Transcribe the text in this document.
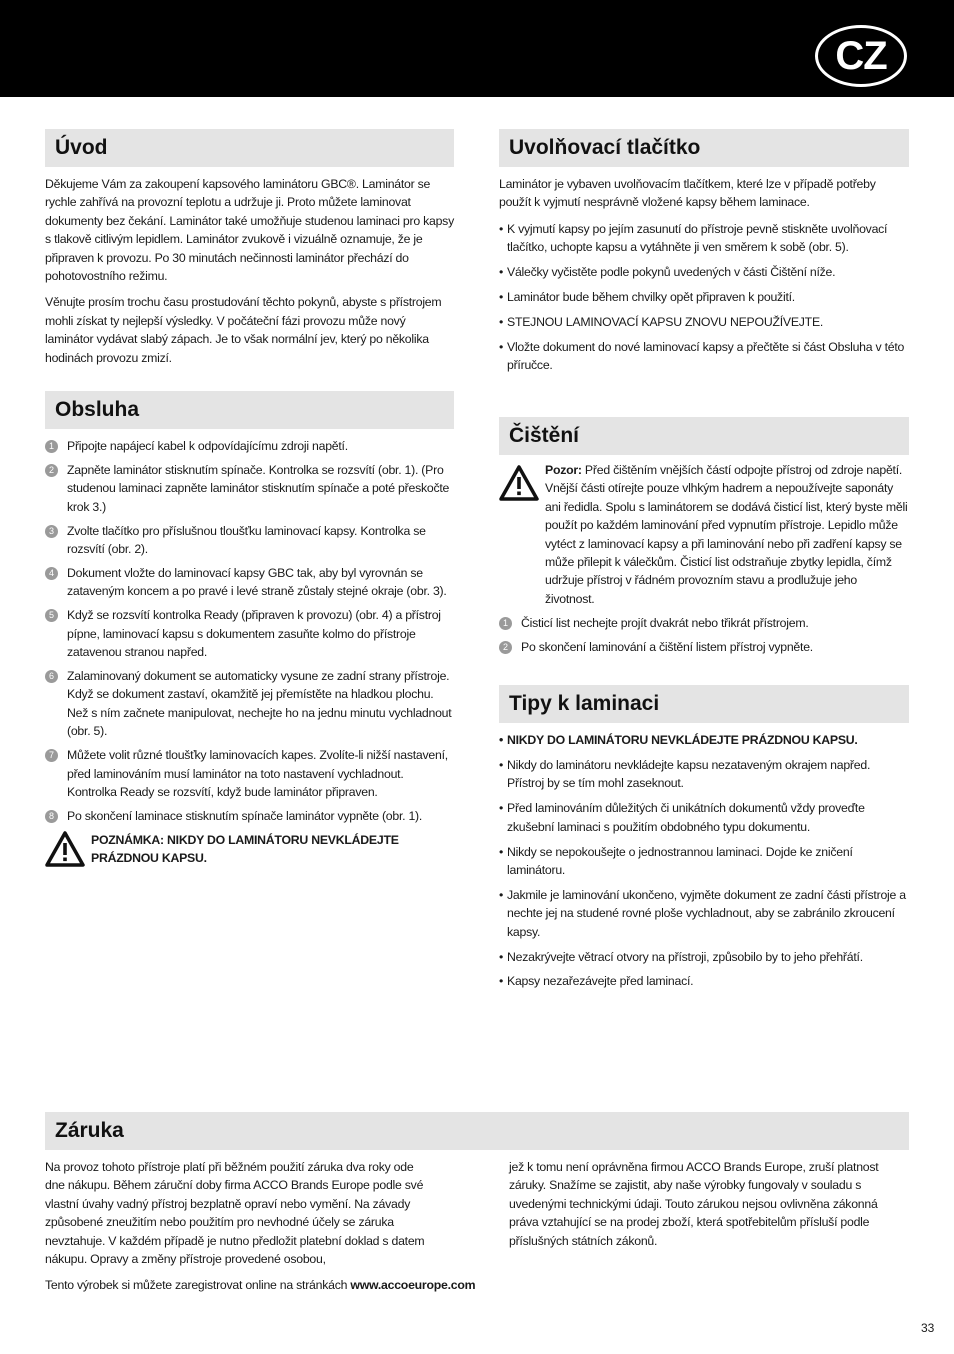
CZ
Úvod

Děkujeme Vám za zakoupení kapsového laminátoru GBC®. Laminátor se rychle zahřívá na provozní teplotu a udržuje ji. Proto můžete laminovat dokumenty bez čekání. Laminátor také umožňuje studenou laminaci pro kapsy s tlakově citlivým lepidlem. Laminátor zvukově i vizuálně oznamuje, že je připraven k provozu. Po 30 minutách nečinnosti laminátor přechází do pohotovostního režimu.

Věnujte prosím trochu času prostudování těchto pokynů, abyste s přístrojem mohli získat ty nejlepší výsledky. V počáteční fázi provozu může nový laminátor vydávat slabý zápach. Je to však normální jev, který po několika hodinách provozu zmizí.

Obsluha
1	Připojte napájecí kabel k odpovídajícímu zdroji napětí.
2	Zapněte laminátor stisknutím spínače. Kontrolka se rozsvítí (obr. 1). (Pro studenou laminaci zapněte laminátor stisknutím spínače a poté přeskočte krok 3.)
3	Zvolte tlačítko pro příslušnou tloušťku laminovací kapsy. Kontrolka se rozsvítí (obr. 2).
4	Dokument vložte do laminovací kapsy GBC tak, aby byl vyrovnán se zataveným koncem a po pravé i levé straně zůstaly stejné okraje (obr. 3).
5	Když se rozsvítí kontrolka Ready (připraven k provozu) (obr. 4) a přístroj pípne, laminovací kapsu s dokumentem zasuňte kolmo do přístroje zatavenou stranou napřed.
6	Zalaminovaný dokument se automaticky vysune ze zadní strany přístroje. Když se dokument zastaví, okamžitě jej přemístěte na hladkou plochu. Než s ním začnete manipulovat, nechejte ho na jednu minutu vychladnout (obr. 5).
7	Můžete volit různé tloušťky laminovacích kapes. Zvolíte-li nižší nastavení, před laminováním musí laminátor na toto nastavení vychladnout. Kontrolka Ready se rozsvítí, když bude laminátor připraven.
8	Po skončení laminace stisknutím spínače laminátor vypněte (obr. 1).
POZNÁMKA: NIKDY DO LAMINÁTORU NEVKLÁDEJTE PRÁZDNOU KAPSU.
Uvolňovací tlačítko

Laminátor je vybaven uvolňovacím tlačítkem, které lze v případě potřeby použít k vyjmutí nesprávně vložené kapsy během laminace.

• K vyjmutí kapsy po jejím zasunutí do přístroje pevně stiskněte uvolňovací tlačítko, uchopte kapsu a vytáhněte ji ven směrem k sobě (obr. 5).
• Válečky vyčistěte podle pokynů uvedených v části Čištění níže.
• Laminátor bude během chvilky opět připraven k použití.
• STEJNOU LAMINOVACÍ KAPSU ZNOVU NEPOUŽÍVEJTE.
• Vložte dokument do nové laminovací kapsy a přečtěte si část Obsluha v této příručce.
Čištění

Pozor: Před čištěním vnějších částí odpojte přístroj od zdroje napětí. Vnější části otírejte pouze vlhkým hadrem a nepoužívejte saponáty ani ředidla. Spolu s laminátorem se dodává čisticí list, který byste měli použít po každém laminování před vypnutím přístroje. Lepidlo může vytéct z laminovací kapsy a při laminování nebo při zadření kapsy se může přilepit k válečkům. Čisticí list odstraňuje zbytky lepidla, čímž udržuje přístroj v řádném provozním stavu a prodlužuje jeho životnost.

1	Čisticí list nechejte projít dvakrát nebo třikrát přístrojem.
2	Po skončení laminování a čištění listem přístroj vypněte.
Tipy k laminaci
• NIKDY DO LAMINÁTORU NEVKLÁDEJTE PRÁZDNOU KAPSU.
• Nikdy do laminátoru nevkládejte kapsu nezataveným okrajem napřed. Přístroj by se tím mohl zaseknout.
• Před laminováním důležitých či unikátních dokumentů vždy proveďte zkušební laminaci s použitím obdobného typu dokumentu.
• Nikdy se nepokoušejte o jednostrannou laminaci. Dojde ke zničení laminátoru.
• Jakmile je laminování ukončeno, vyjměte dokument ze zadní části přístroje a nechte jej na studené rovné ploše vychladnout, aby se zabránilo zkroucení kapsy.
• Nezakrývejte větrací otvory na přístroji, způsobilo by to jeho přehřátí.
• Kapsy nezařezávejte před laminací.
Záruka

Na provoz tohoto přístroje platí při běžném použití záruka dva roky ode dne nákupu. Během záruční doby firma ACCO Brands Europe podle své vlastní úvahy vadný přístroj bezplatně opraví nebo vymění. Na závady způsobené zneužitím nebo použitím pro nevhodné účely se záruka nevztahuje. V každém případě je nutno předložit platební doklad s datem nákupu. Opravy a změny přístroje provedené osobou,

jež k tomu není oprávněna firmou ACCO Brands Europe, zruší platnost záruky. Snažíme se zajistit, aby naše výrobky fungovaly v souladu s uvedenými technickými údaji. Touto zárukou nejsou ovlivněna zákonná práva vztahující se na prodej zboží, která spotřebitelům přísluší podle příslušných státních zákonů.

Tento výrobek si můžete zaregistrovat online na stránkách www.accoeurope.com
33
